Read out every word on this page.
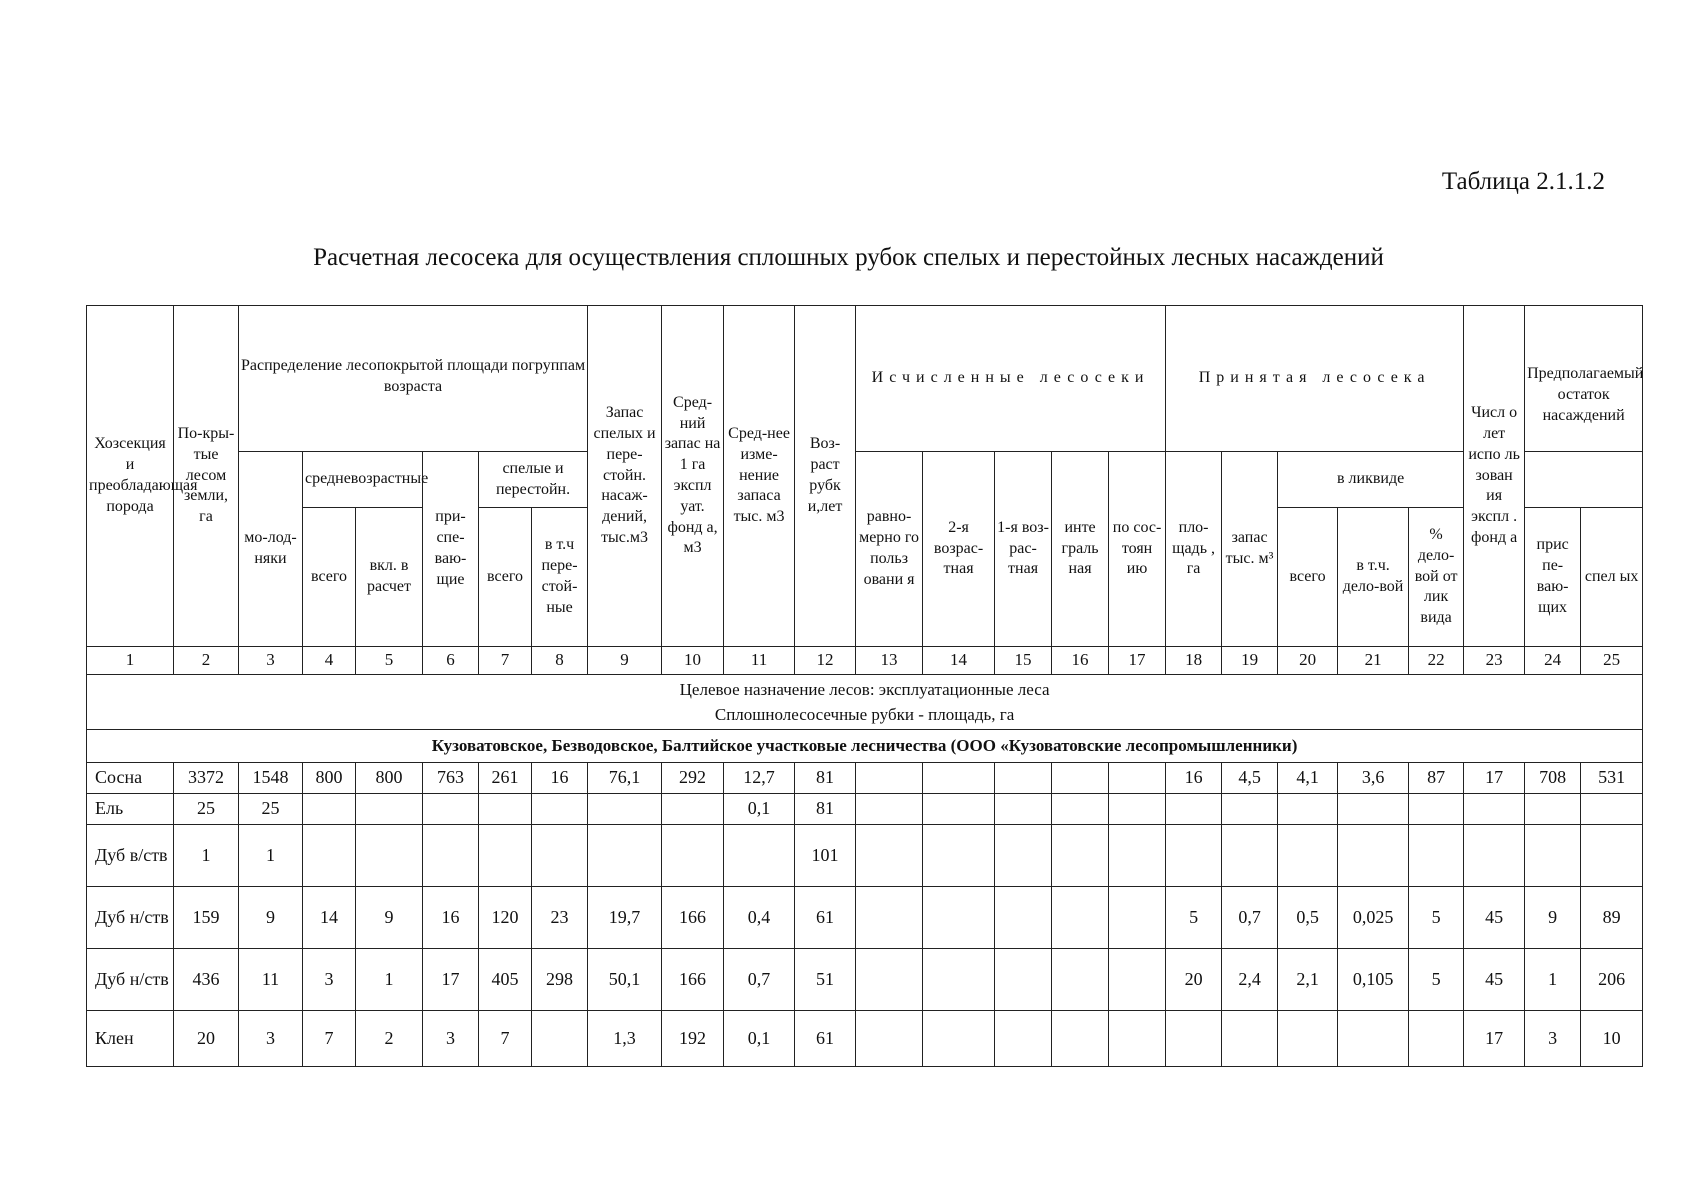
Таблица 2.1.1.2
Расчетная лесосека для осуществления сплошных рубок спелых и перестойных лесных насаждений
Хозсекция и преобладающая порода	По-кры-тые лесом земли, га	Распределение лесопокрытой площади погруппам возраста						Запас спелых и пере-стойн. насаж-дений, тыс.м3	Сред-ний запас на 1 га экспл уат. фонд а, м3	Сред-нее изме-нение запаса тыс. м3	Воз-раст рубк и,лет	Исчисленные лесосеки					Принятая лесосека					Числ о лет испо ль зован ия экспл . фонд а	Предполагаемый остаток насаждений	
		мо-лод-няки	средневозрастные		при-спе-ваю-щие	спелые и перестойн.						равно-мерно го польз овани я	2-я возрас-тная	1-я воз-рас-тная	инте граль ная	по сос-тоян ию	пло-щадь , га	запас тыс. м³	в ликвиде					
			всего	вкл. в расчет		всего	в т.ч пере-стой-ные												всего	в т.ч. дело-вой	% дело-вой от лик вида		прис пе-ваю-щих	спел ых
1	2	3	4	5	6	7	8	9	10	11	12	13	14	15	16	17	18	19	20	21	22	23	24	25

Целевое назначение лесов: эксплуатационные леса
Сплошнолесосечные рубки - площадь, га																								

Кузоватовское, Безводовское, Балтийское участковые лесничества (ООО «Кузоватовские лесопромышленники)																								
Сосна	3372	1548	800	800	763	261	16	76,1	292	12,7	81						16	4,5	4,1	3,6	87	17	708	531
Ель	25	25								0,1	81													
Дуб в/ств	1	1									101													
Дуб н/ств	159	9	14	9	16	120	23	19,7	166	0,4	61						5	0,7	0,5	0,025	5	45	9	89
Дуб н/ств	436	11	3	1	17	405	298	50,1	166	0,7	51						20	2,4	2,1	0,105	5	45	1	206
Клен	20	3	7	2	3	7		1,3	192	0,1	61											17	3	10
